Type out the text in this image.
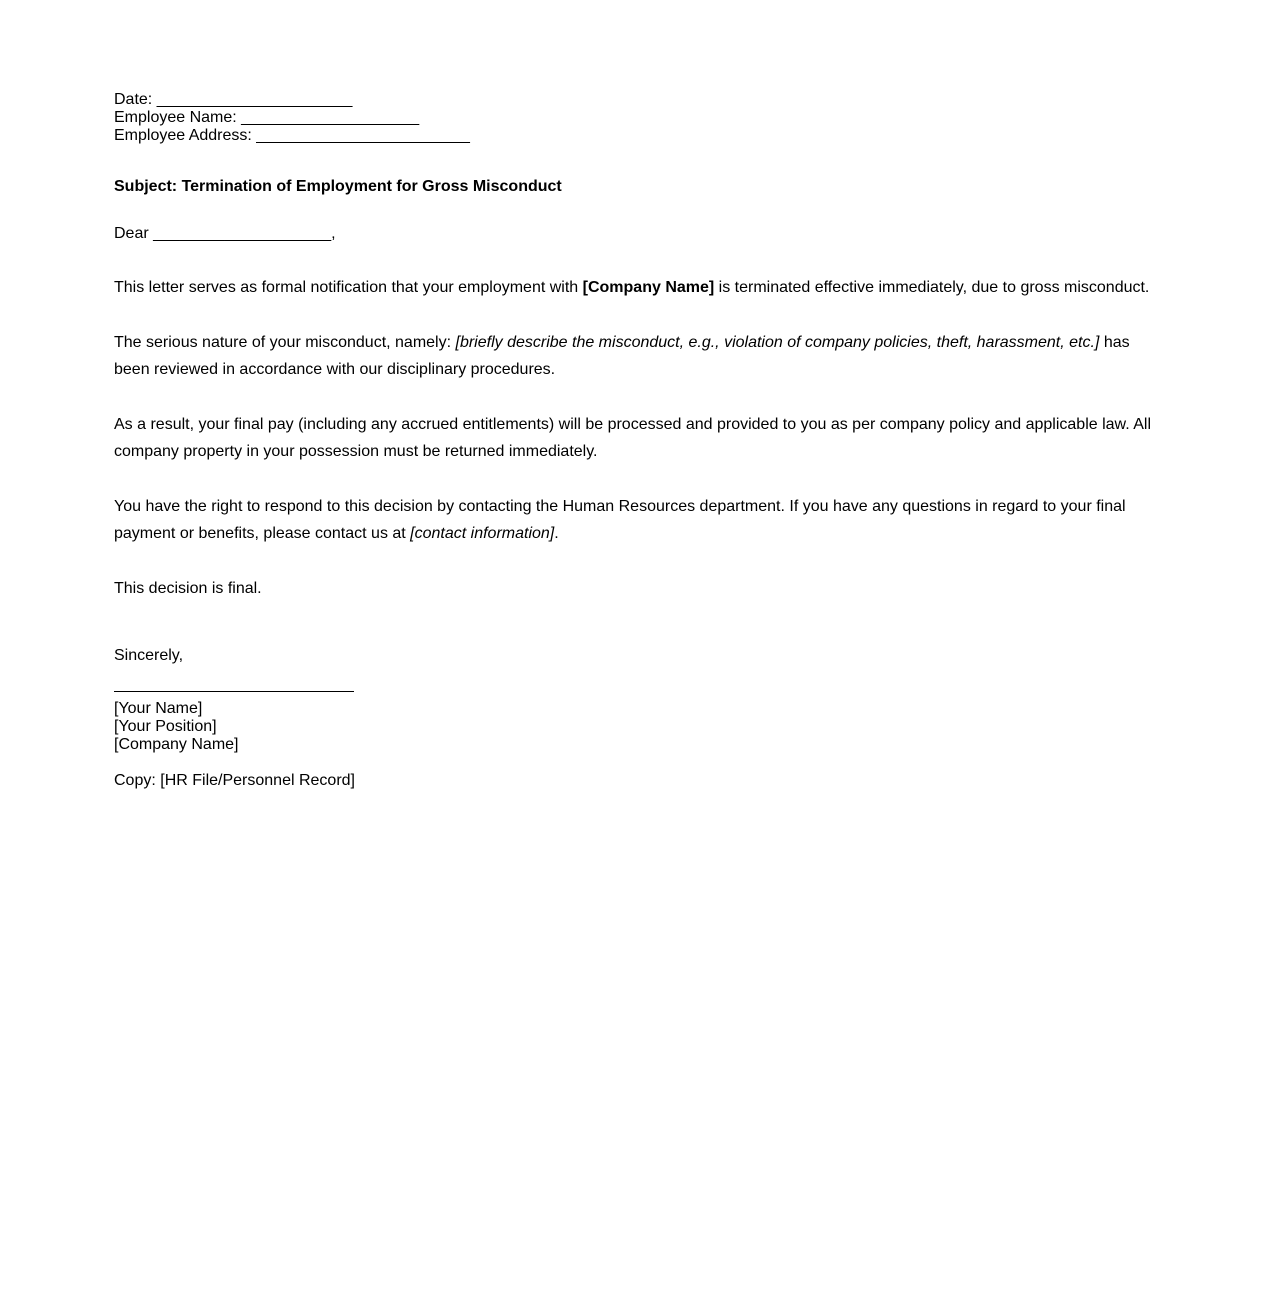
Date: ______________________
Employee Name: ____________________
Employee Address: ________________________
Subject: Termination of Employment for Gross Misconduct
Dear ____________________,
This letter serves as formal notification that your employment with [Company Name] is terminated effective immediately, due to gross misconduct.
The serious nature of your misconduct, namely: [briefly describe the misconduct, e.g., violation of company policies, theft, harassment, etc.] has been reviewed in accordance with our disciplinary procedures.
As a result, your final pay (including any accrued entitlements) will be processed and provided to you as per company policy and applicable law. All company property in your possession must be returned immediately.
You have the right to respond to this decision by contacting the Human Resources department. If you have any questions in regard to your final payment or benefits, please contact us at [contact information].
This decision is final.
Sincerely,
[Your Name]
[Your Position]
[Company Name]
Copy: [HR File/Personnel Record]
